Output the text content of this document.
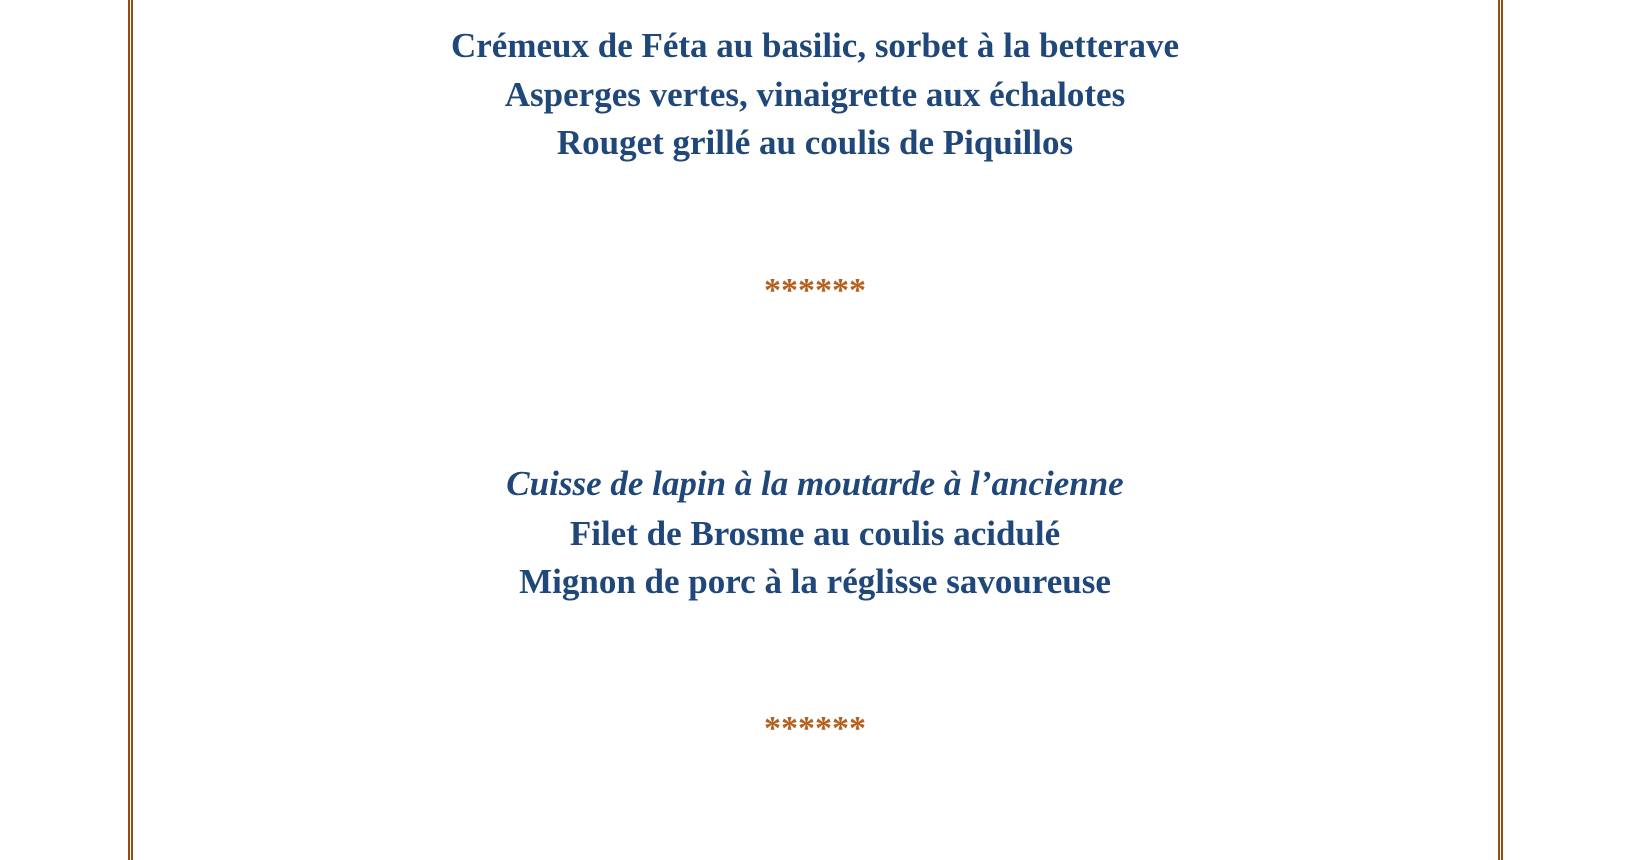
Crémeux de Féta au basilic, sorbet à la betterave
Asperges vertes, vinaigrette aux échalotes
Rouget grillé au coulis de Piquillos
******
Cuisse de lapin à la moutarde à l’ancienne
Filet de Brosme au coulis acidulé
Mignon de porc à la réglisse savoureuse
******
